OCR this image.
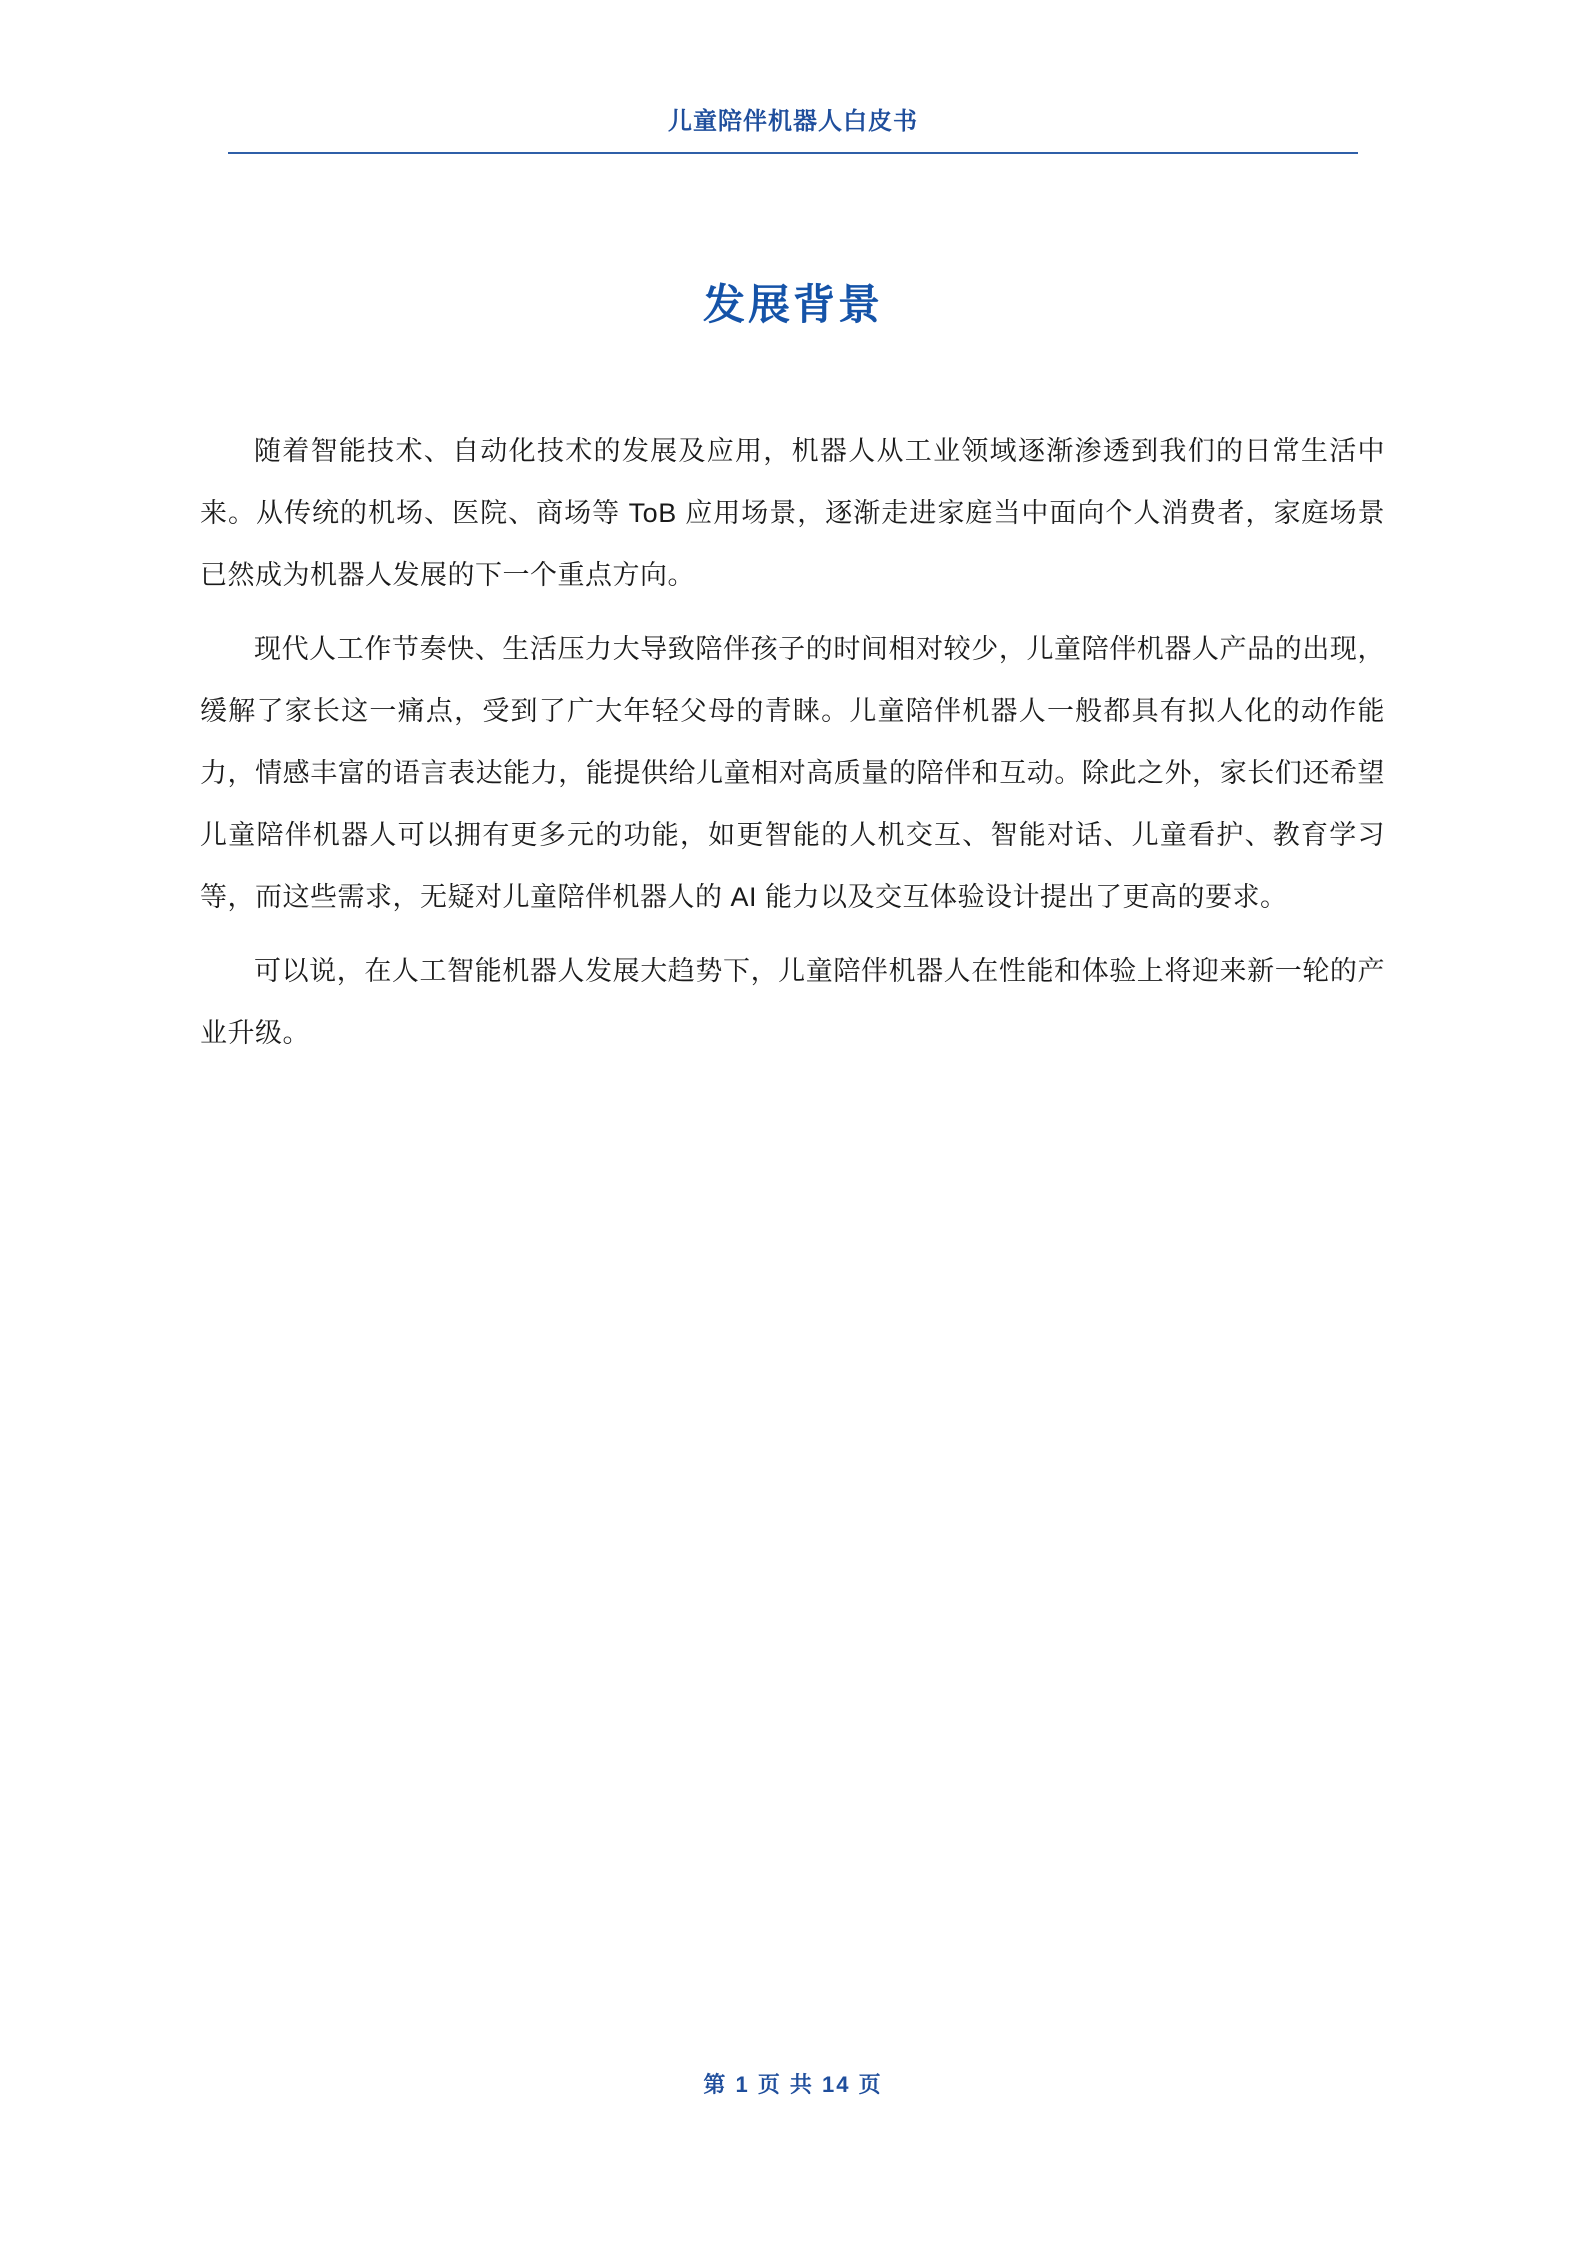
儿童陪伴机器人白皮书
发展背景

随着智能技术、自动化技术的发展及应用，机器人从工业领域逐渐渗透到我们的日常生活中来。从传统的机场、医院、商场等 ToB 应用场景，逐渐走进家庭当中面向个人消费者，家庭场景已然成为机器人发展的下一个重点方向。

现代人工作节奏快、生活压力大导致陪伴孩子的时间相对较少，儿童陪伴机器人产品的出现，缓解了家长这一痛点，受到了广大年轻父母的青睐。儿童陪伴机器人一般都具有拟人化的动作能力，情感丰富的语言表达能力，能提供给儿童相对高质量的陪伴和互动。除此之外，家长们还希望儿童陪伴机器人可以拥有更多元的功能，如更智能的人机交互、智能对话、儿童看护、教育学习等，而这些需求，无疑对儿童陪伴机器人的 AI 能力以及交互体验设计提出了更高的要求。

可以说，在人工智能机器人发展大趋势下，儿童陪伴机器人在性能和体验上将迎来新一轮的产业升级。

第 1 页 共 14 页
